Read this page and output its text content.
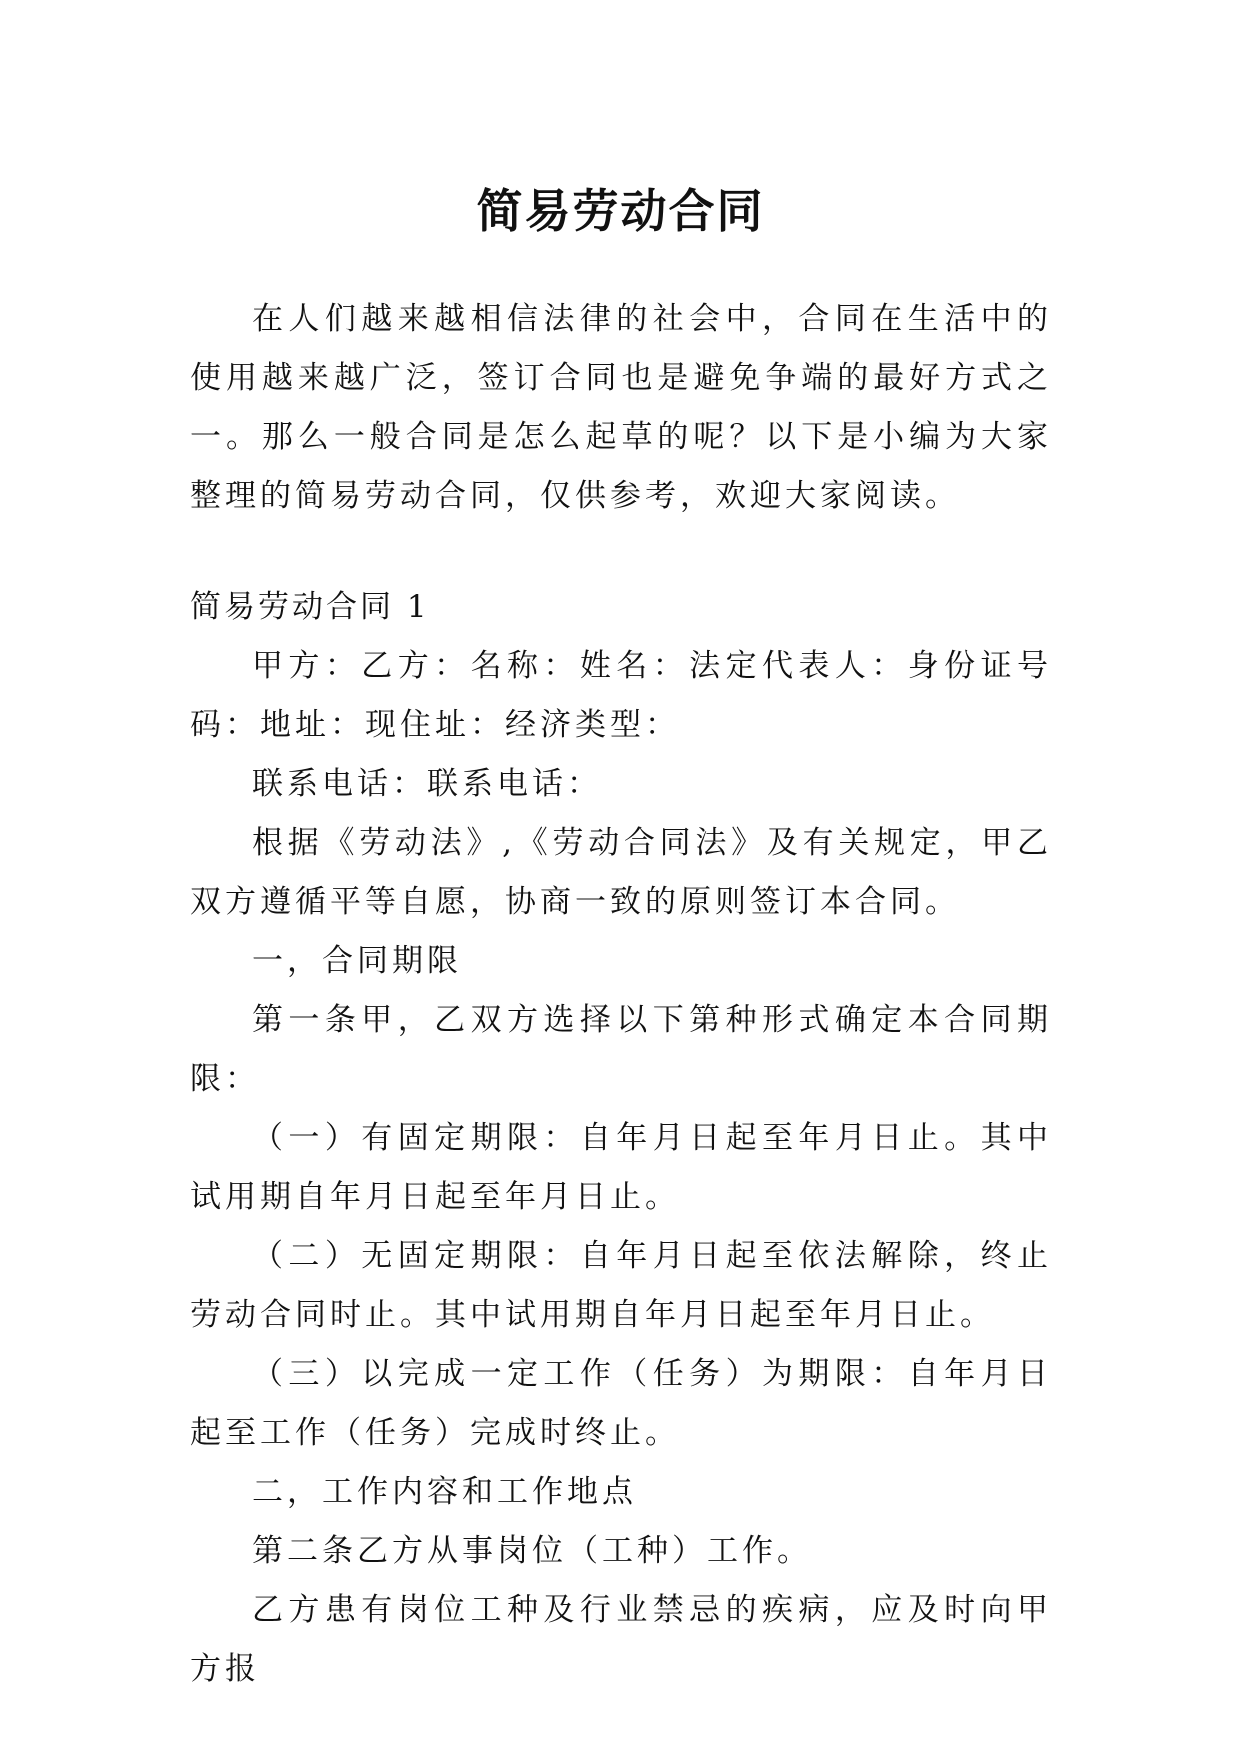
简易劳动合同

在人们越来越相信法律的社会中，合同在生活中的使用越来越广泛，签订合同也是避免争端的最好方式之一。那么一般合同是怎么起草的呢？以下是小编为大家整理的简易劳动合同，仅供参考，欢迎大家阅读。

简易劳动合同 1

甲方：乙方：名称：姓名：法定代表人：身份证号码：地址：现住址：经济类型：

联系电话：联系电话：

根据《劳动法》,《劳动合同法》及有关规定，甲乙双方遵循平等自愿，协商一致的原则签订本合同。

一，合同期限

第一条甲，乙双方选择以下第种形式确定本合同期限：

（一）有固定期限：自年月日起至年月日止。其中试用期自年月日起至年月日止。

（二）无固定期限：自年月日起至依法解除，终止劳动合同时止。其中试用期自年月日起至年月日止。

（三）以完成一定工作（任务）为期限：自年月日起至工作（任务）完成时终止。

二，工作内容和工作地点

第二条乙方从事岗位（工种）工作。

乙方患有岗位工种及行业禁忌的疾病，应及时向甲方报
